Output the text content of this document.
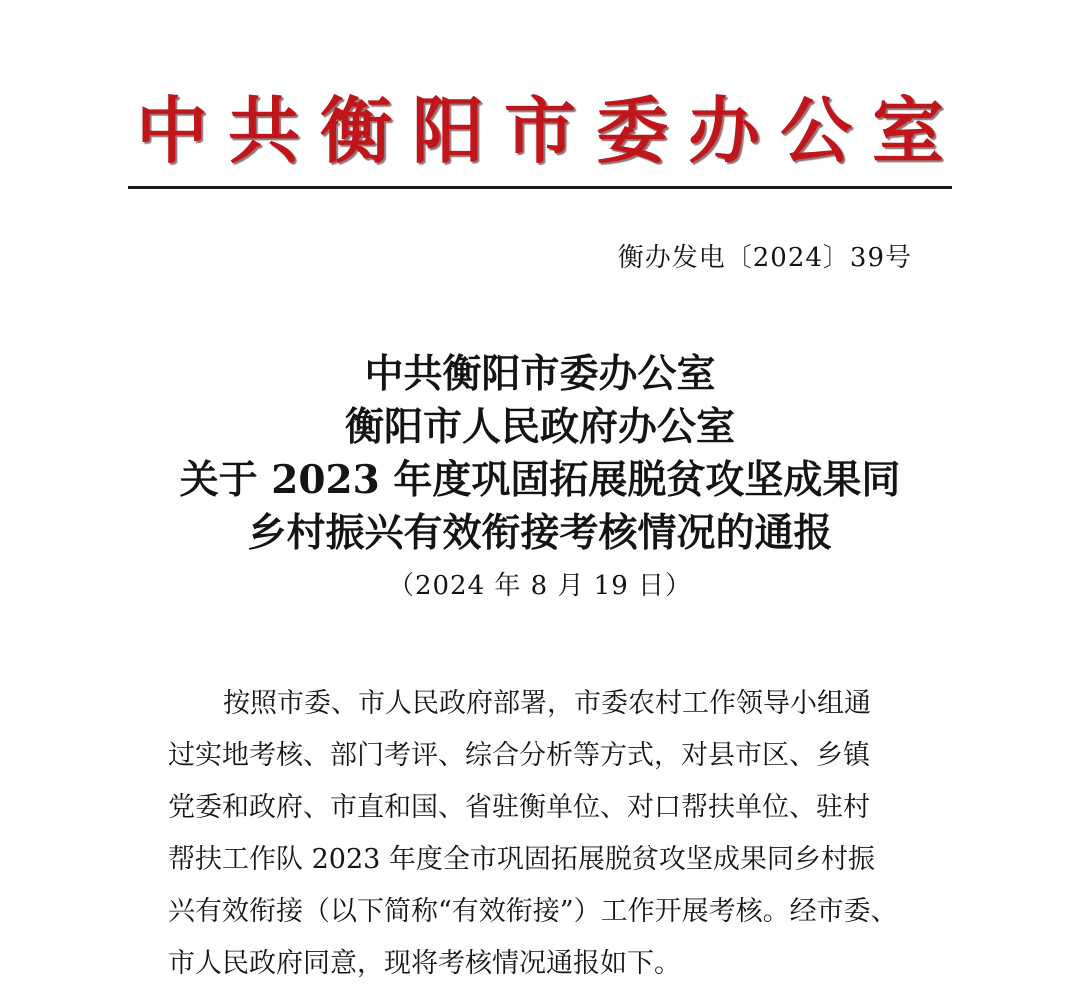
中共衡阳市委办公室
衡办发电〔2024〕39号
中共衡阳市委办公室
衡阳市人民政府办公室
关于 2023 年度巩固拓展脱贫攻坚成果同
乡村振兴有效衔接考核情况的通报
（2024 年 8 月 19 日）
按照市委、市人民政府部署，市委农村工作领导小组通
过实地考核、部门考评、综合分析等方式，对县市区、乡镇
党委和政府、市直和国、省驻衡单位、对口帮扶单位、驻村
帮扶工作队 2023 年度全市巩固拓展脱贫攻坚成果同乡村振
兴有效衔接（以下简称“有效衔接”）工作开展考核。经市委、
市人民政府同意，现将考核情况通报如下。
